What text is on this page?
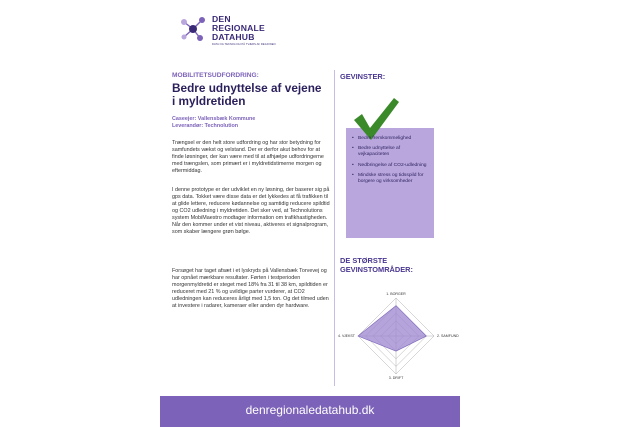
DEN
REGIONALE
DATAHUB
DATA OG TEKNOLOGI PÅ TVÆRS AF REGIONEN
MOBILITETSUDFORDRING:
Bedre udnyttelse af vejene i myldretiden
Caseejer: Vallensbæk Kommune
Leverandør: Technolution

Trængsel er den helt store udfordring og har stor betydning for samfundets vækst og velstand. Der er derfor akut behov for at finde løsninger, der kan være med til at afhjælpe udfordringerne med trængslen, som primært er i myldretidstimerne morgen og eftermiddag.

I denne prototype er der udviklet en ny løsning, der baserer sig på gps data. Tokket være disse data er det lykkedes at få trafikken til at glide lettere, reducere kødannelse og samtidig reducere spildtid og CO2 udledning i myldretiden. Det sker ved, at Technolutions system MobiMaestro modtager information om trafikhastigheden. Når den kommer under et vist niveau, aktiveres et signalprogram, som skaber længere grøn bølge.

Forsøget har taget afsæt i et lyskryds på Vallensbæk Torvevej og har opnået mærkbare resultater. Førten i testperioden morgenmyldretid er steget med 18% fra 31 til 38 km, spildtiden er reduceret med 21 % og uvildige parter vurderer, at CO2 udledningen kan reduceres årligt med 1,5 ton. Og det tilmed uden at investere i radarer, kameraer eller anden dyr hardware.

GEVINSTER:
• Bedre fremkommelighed
• Bedre udnyttelse af vejkapaciteten
• Nedbringelse af CO2-udledning
• Mindske stress og tidsspild for borgere og virksomheder
DE STØRSTE GEVINSTOMRÅDER:
1. BORGER
2. SAMFUND
3. DRIFT
4. VÆKST
denregionaledatahub.dk
